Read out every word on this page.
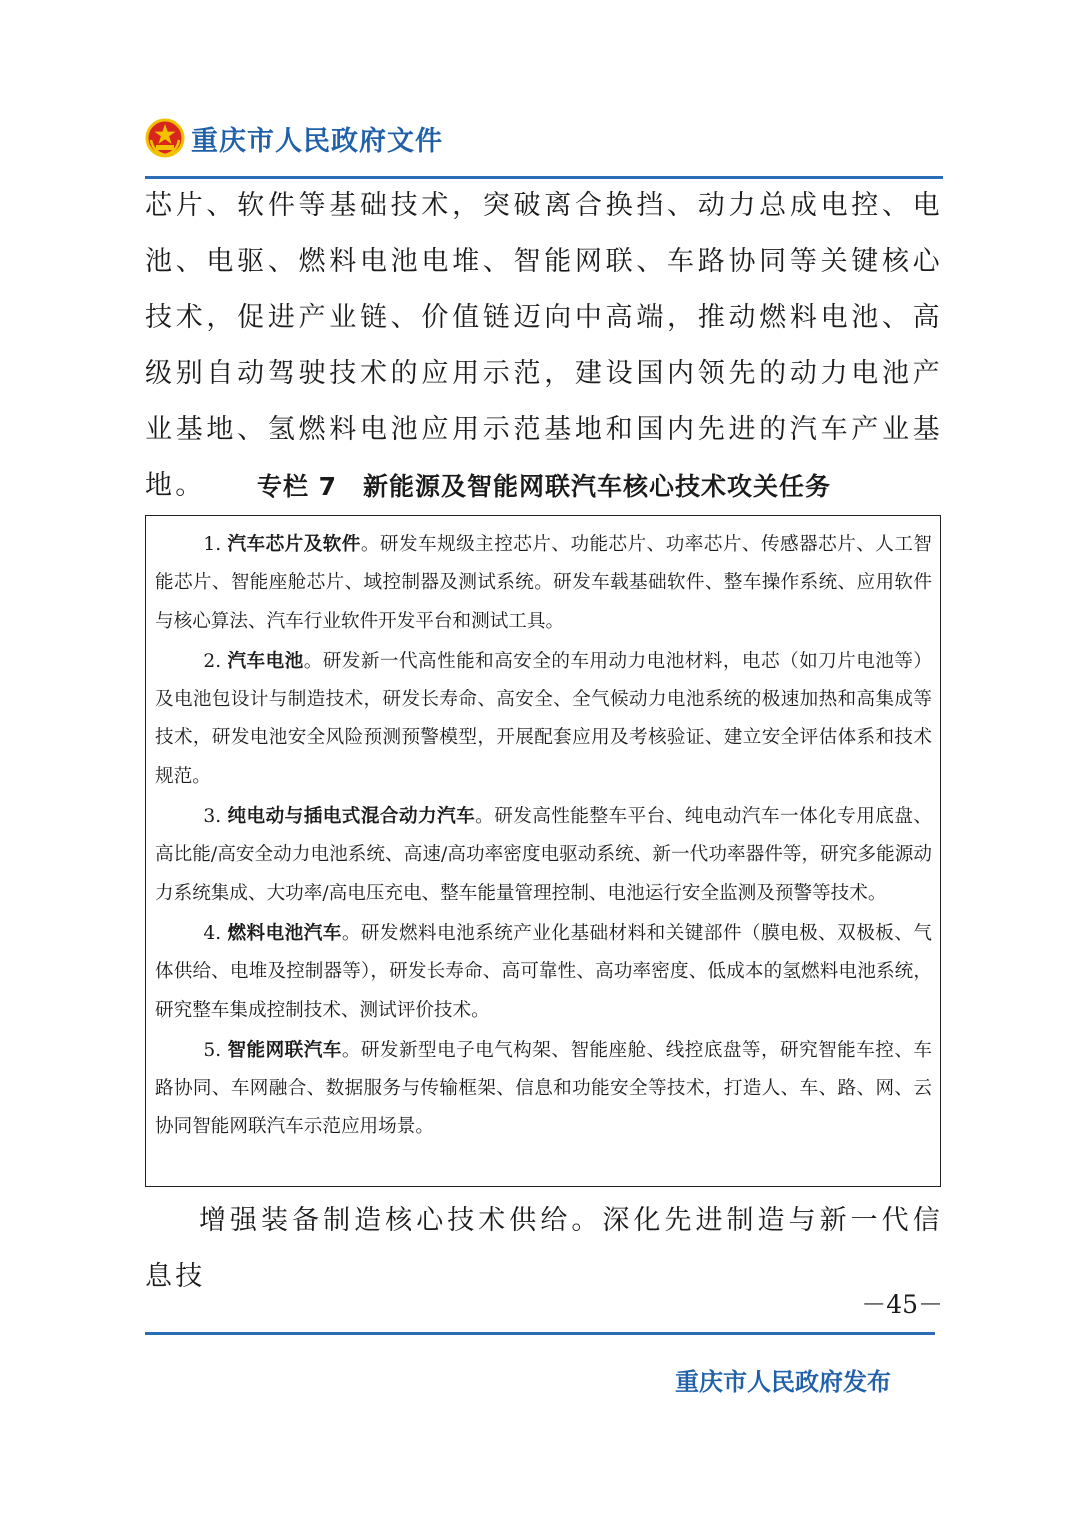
重庆市人民政府文件

芯片、软件等基础技术，突破离合换挡、动力总成电控、电池、电驱、燃料电池电堆、智能网联、车路协同等关键核心技术，促进产业链、价值链迈向中高端，推动燃料电池、高级别自动驾驶技术的应用示范，建设国内领先的动力电池产业基地、氢燃料电池应用示范基地和国内先进的汽车产业基地。	专栏 7　新能源及智能网联汽车核心技术攻关任务

1. 汽车芯片及软件。研发车规级主控芯片、功能芯片、功率芯片、传感器芯片、人工智能芯片、智能座舱芯片、域控制器及测试系统。研发车载基础软件、整车操作系统、应用软件与核心算法、汽车行业软件开发平台和测试工具。

2. 汽车电池。研发新一代高性能和高安全的车用动力电池材料，电芯（如刀片电池等）及电池包设计与制造技术，研发长寿命、高安全、全气候动力电池系统的极速加热和高集成等技术，研发电池安全风险预测预警模型，开展配套应用及考核验证、建立安全评估体系和技术规范。

3. 纯电动与插电式混合动力汽车。研发高性能整车平台、纯电动汽车一体化专用底盘、高比能/高安全动力电池系统、高速/高功率密度电驱动系统、新一代功率器件等，研究多能源动力系统集成、大功率/高电压充电、整车能量管理控制、电池运行安全监测及预警等技术。

4. 燃料电池汽车。研发燃料电池系统产业化基础材料和关键部件（膜电极、双极板、气体供给、电堆及控制器等），研发长寿命、高可靠性、高功率密度、低成本的氢燃料电池系统，研究整车集成控制技术、测试评价技术。

5. 智能网联汽车。研发新型电子电气构架、智能座舱、线控底盘等，研究智能车控、车路协同、车网融合、数据服务与传输框架、信息和功能安全等技术，打造人、车、路、网、云协同智能网联汽车示范应用场景。

增强装备制造核心技术供给。深化先进制造与新一代信息技

－45－
重庆市人民政府发布
